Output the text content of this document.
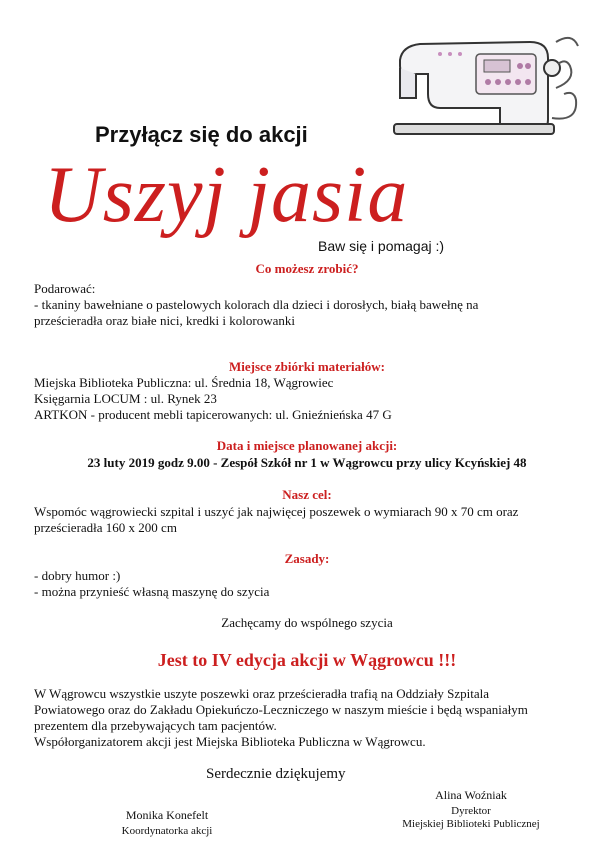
Przyłącz się do akcji
Uszyj jasia
Baw się i pomagaj :)
Co możesz zrobić?
Podarować:
- tkaniny bawełniane o pastelowych kolorach dla dzieci i dorosłych, białą bawełnę na
prześcieradła oraz białe nici, kredki i kolorowanki
Miejsce zbiórki materiałów:
Miejska Biblioteka Publiczna: ul. Średnia 18, Wągrowiec
Księgarnia LOCUM : ul. Rynek 23
ARTKON - producent mebli tapicerowanych: ul. Gnieźnieńska 47 G
Data i miejsce planowanej akcji:
23 luty 2019 godz 9.00 - Zespół Szkół nr 1 w Wągrowcu przy ulicy Kcyńskiej 48
Nasz cel:
Wspomóc wągrowiecki szpital i uszyć jak najwięcej poszewek o wymiarach 90 x 70 cm oraz
prześcieradła 160 x 200 cm
Zasady:
- dobry humor :)
- można przynieść własną maszynę do szycia
Zachęcamy do wspólnego szycia
Jest to IV edycja akcji w Wągrowcu !!!
W Wągrowcu wszystkie uszyte poszewki oraz prześcieradła trafią na Oddziały Szpitala
Powiatowego oraz do Zakładu Opiekuńczo-Leczniczego w naszym mieście i będą wspaniałym
prezentem dla przebywających tam pacjentów.
Współorganizatorem akcji jest Miejska Biblioteka Publiczna w Wągrowcu.
Serdecznie dziękujemy
Monika Konefelt
Koordynatorka akcji
Alina Woźniak
Dyrektor
Miejskiej Biblioteki Publicznej
